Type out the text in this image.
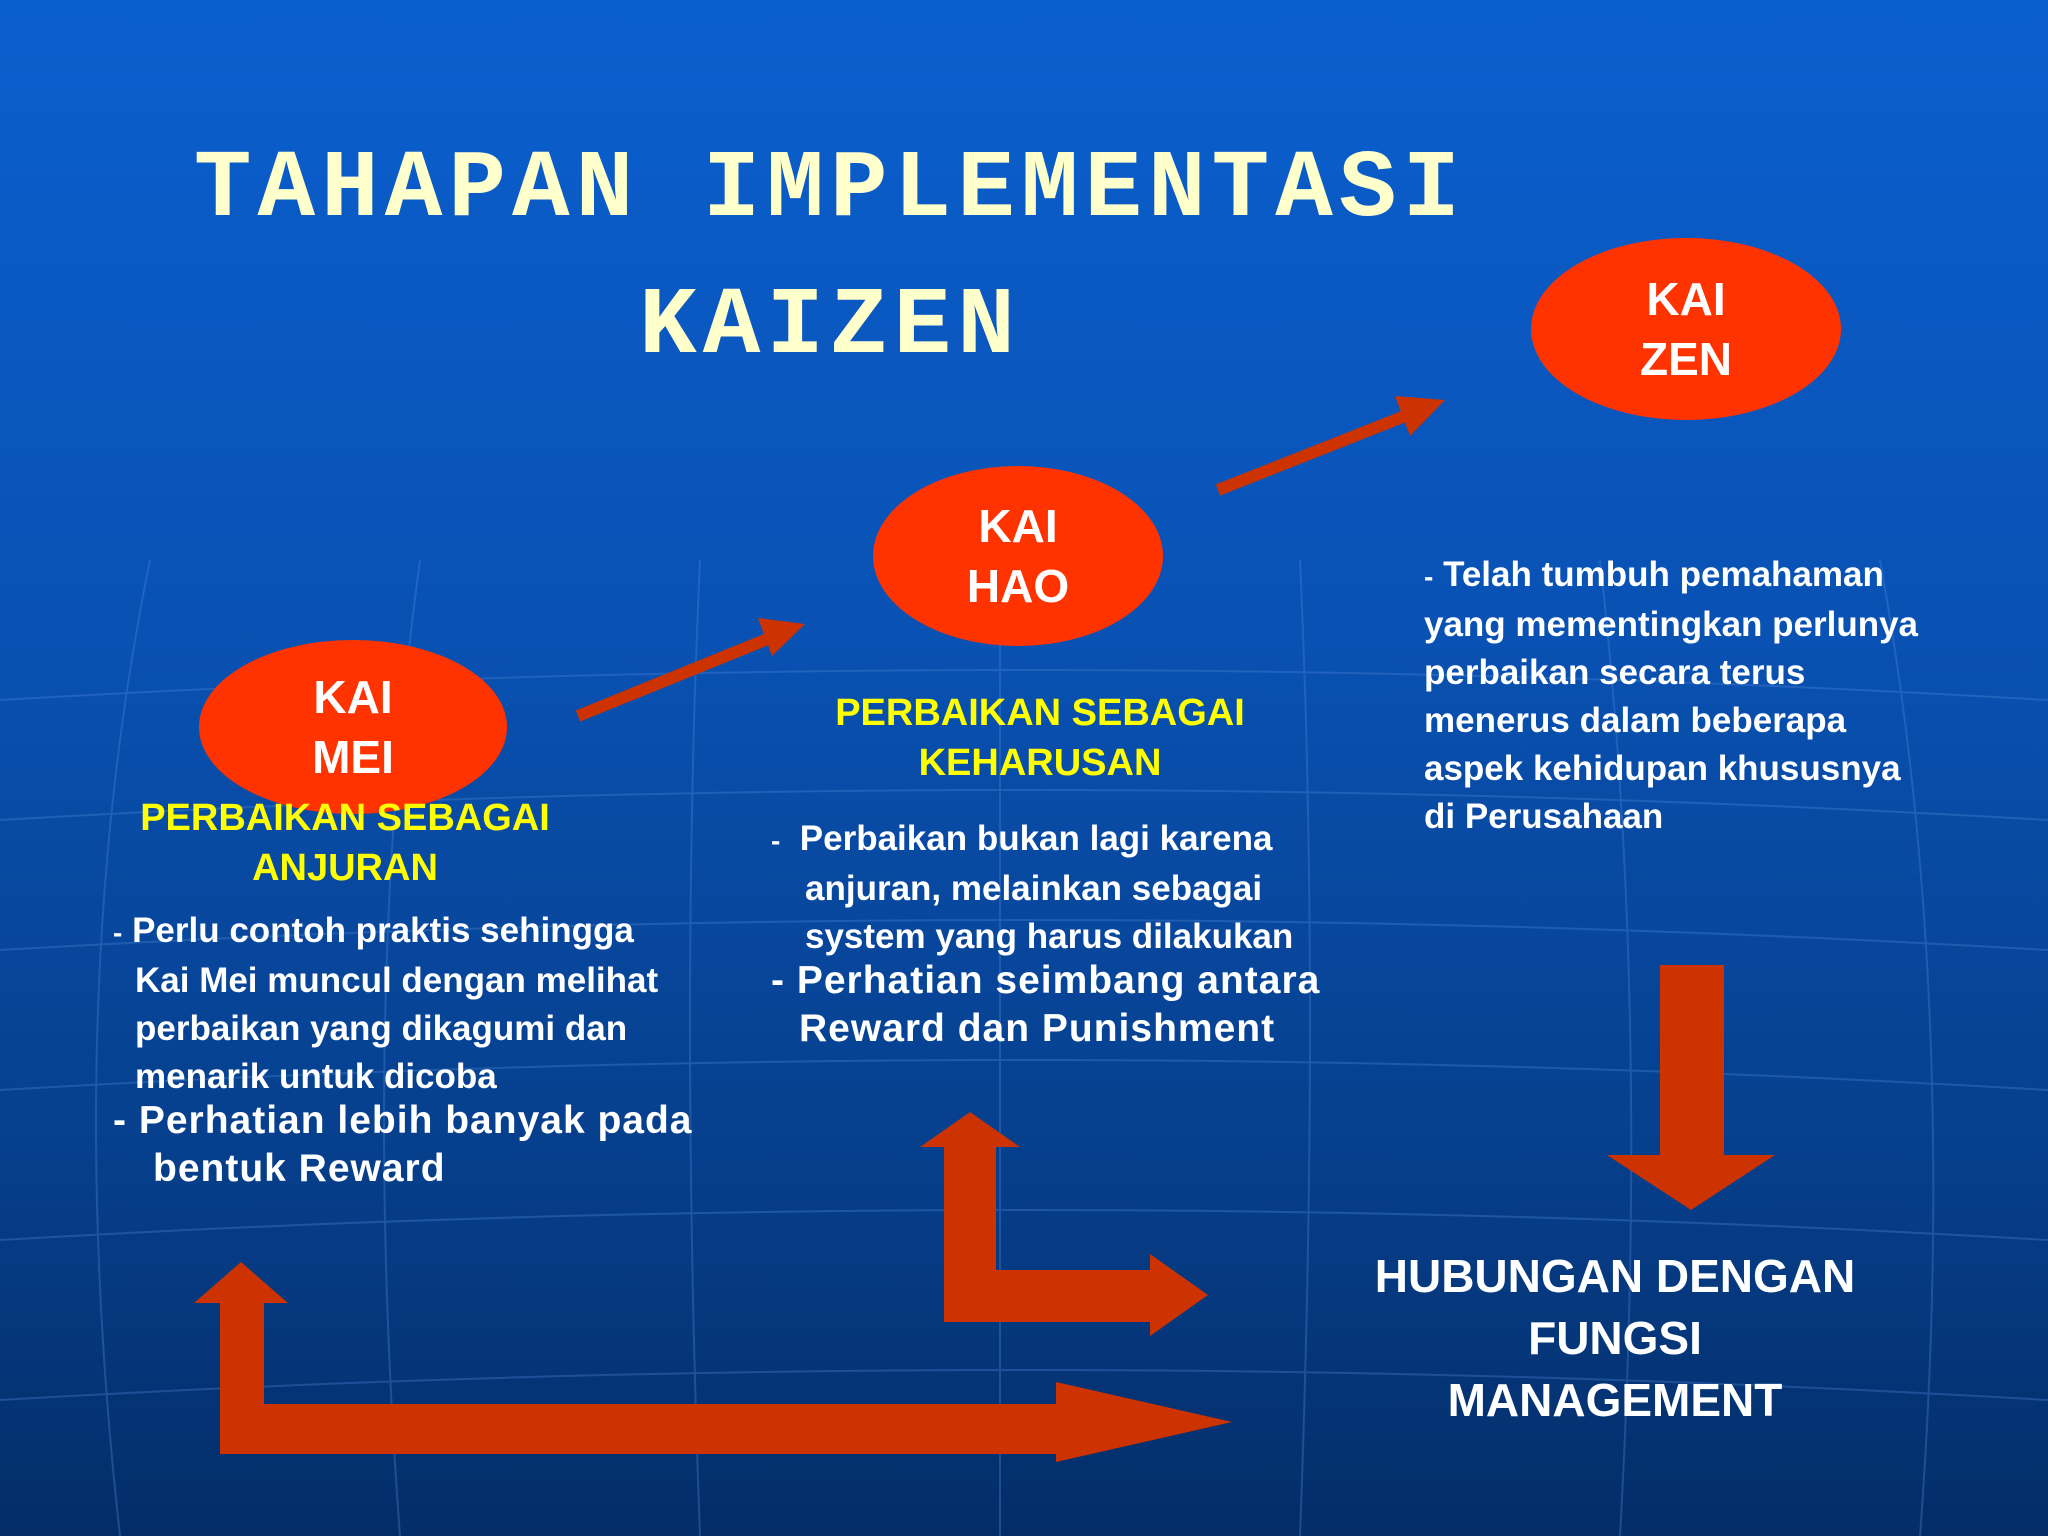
TAHAPAN IMPLEMENTASI
KAIZEN
KAI
MEI
PERBAIKAN SEBAGAI
ANJURAN
- Perlu contoh praktis sehingga
Kai Mei muncul dengan melihat
perbaikan yang dikagumi dan
menarik untuk dicoba
- Perhatian lebih banyak pada
bentuk Reward
KAI
HAO
PERBAIKAN SEBAGAI
KEHARUSAN
- Perbaikan bukan lagi karena
anjuran, melainkan sebagai
system yang harus dilakukan
- Perhatian seimbang antara
Reward dan Punishment
KAI
ZEN
- Telah tumbuh pemahaman
yang mementingkan perlunya
perbaikan secara terus
menerus dalam beberapa
aspek kehidupan khususnya
di Perusahaan
HUBUNGAN DENGAN
FUNGSI
MANAGEMENT
